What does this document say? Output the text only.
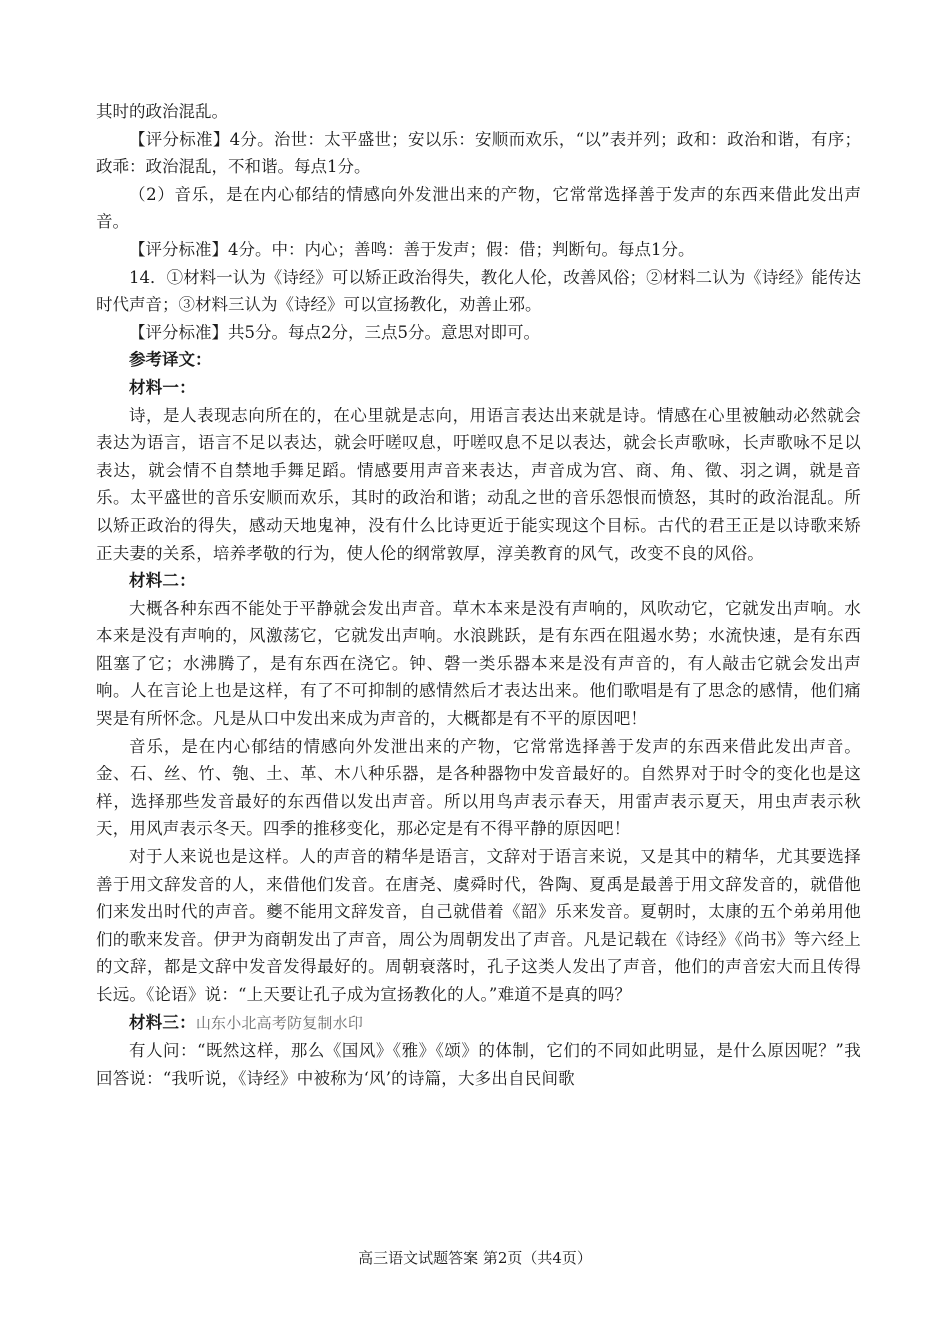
其时的政治混乱。

【评分标准】4分。治世：太平盛世；安以乐：安顺而欢乐，“以”表并列；政和：政治和谐，有序；政乖：政治混乱，不和谐。每点1分。

（2）音乐，是在内心郁结的情感向外发泄出来的产物，它常常选择善于发声的东西来借此发出声音。

【评分标准】4分。中：内心；善鸣：善于发声；假：借；判断句。每点1分。

14．①材料一认为《诗经》可以矫正政治得失，教化人伦，改善风俗；②材料二认为《诗经》能传达时代声音；③材料三认为《诗经》可以宣扬教化，劝善止邪。

【评分标准】共5分。每点2分，三点5分。意思对即可。

参考译文：

材料一：

诗，是人表现志向所在的，在心里就是志向，用语言表达出来就是诗。情感在心里被触动必然就会表达为语言，语言不足以表达，就会吁嗟叹息，吁嗟叹息不足以表达，就会长声歌咏，长声歌咏不足以表达，就会情不自禁地手舞足蹈。情感要用声音来表达，声音成为宫、商、角、徵、羽之调，就是音乐。太平盛世的音乐安顺而欢乐，其时的政治和谐；动乱之世的音乐怨恨而愤怒，其时的政治混乱。所以矫正政治的得失，感动天地鬼神，没有什么比诗更近于能实现这个目标。古代的君王正是以诗歌来矫正夫妻的关系，培养孝敬的行为，使人伦的纲常敦厚，淳美教育的风气，改变不良的风俗。

材料二：

大概各种东西不能处于平静就会发出声音。草木本来是没有声响的，风吹动它，它就发出声响。水本来是没有声响的，风激荡它，它就发出声响。水浪跳跃，是有东西在阻遏水势；水流快速，是有东西阻塞了它；水沸腾了，是有东西在浇它。钟、磬一类乐器本来是没有声音的，有人敲击它就会发出声响。人在言论上也是这样，有了不可抑制的感情然后才表达出来。他们歌唱是有了思念的感情，他们痛哭是有所怀念。凡是从口中发出来成为声音的，大概都是有不平的原因吧！

音乐，是在内心郁结的情感向外发泄出来的产物，它常常选择善于发声的东西来借此发出声音。金、石、丝、竹、匏、土、革、木八种乐器，是各种器物中发音最好的。自然界对于时令的变化也是这样，选择那些发音最好的东西借以发出声音。所以用鸟声表示春天，用雷声表示夏天，用虫声表示秋天，用风声表示冬天。四季的推移变化，那必定是有不得平静的原因吧！

对于人来说也是这样。人的声音的精华是语言，文辞对于语言来说，又是其中的精华，尤其要选择善于用文辞发音的人，来借他们发音。在唐尧、虞舜时代，咎陶、夏禹是最善于用文辞发音的，就借他们来发出时代的声音。夔不能用文辞发音，自己就借着《韶》乐来发音。夏朝时，太康的五个弟弟用他们的歌来发音。伊尹为商朝发出了声音，周公为周朝发出了声音。凡是记载在《诗经》《尚书》等六经上的文辞，都是文辞中发音发得最好的。周朝衰落时，孔子这类人发出了声音，他们的声音宏大而且传得长远。《论语》说：“上天要让孔子成为宣扬教化的人。”难道不是真的吗？

材料三：山东小北高考防复制水印

有人问：“既然这样，那么《国风》《雅》《颂》的体制，它们的不同如此明显，是什么原因呢？”我回答说：“我听说，《诗经》中被称为‘风’的诗篇，大多出自民间歌

高三语文试题答案 第2页（共4页）
